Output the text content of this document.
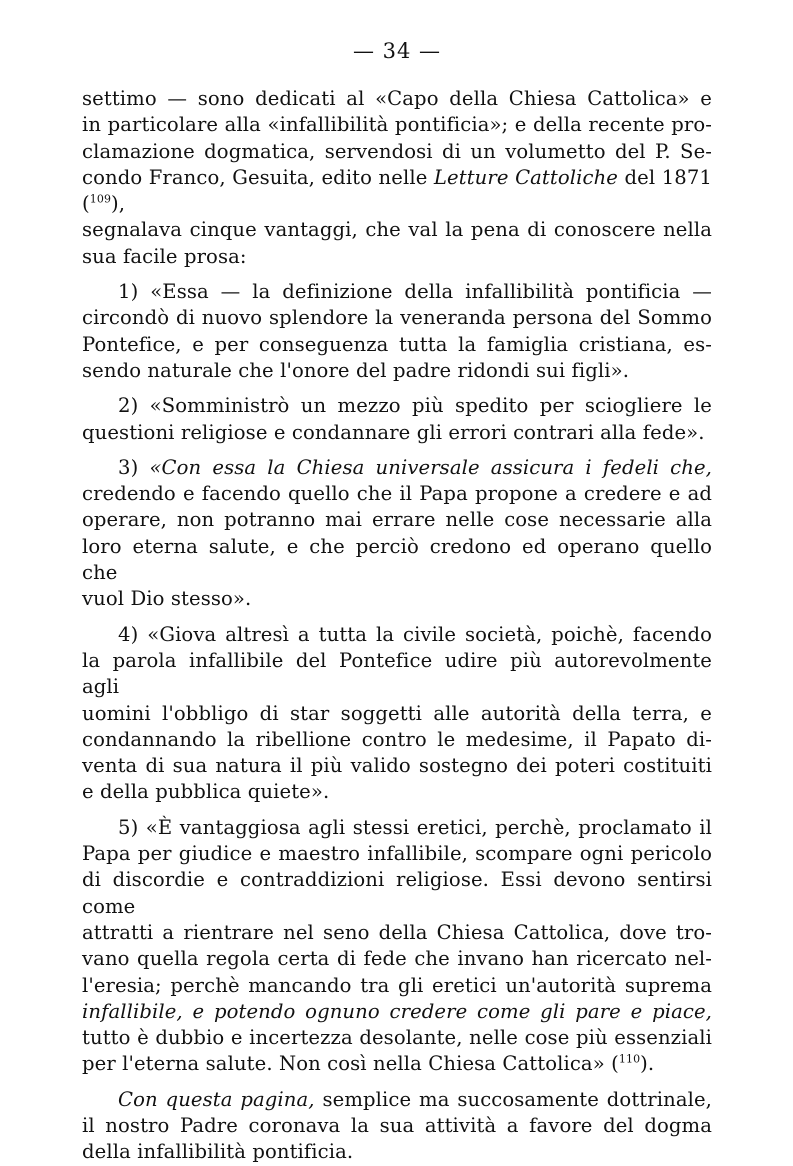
— 34 —

settimo — sono dedicati al «Capo della Chiesa Cattolica» e
in particolare alla «infallibilità pontificia»; e della recente pro-
clamazione dogmatica, servendosi di un volumetto del P. Se-
condo Franco, Gesuita, edito nelle Letture Cattoliche del 1871 ($^{109}$),
segnalava cinque vantaggi, che val la pena di conoscere nella
sua facile prosa:

1) «Essa — la definizione della infallibilità pontificia —
circondò di nuovo splendore la veneranda persona del Sommo
Pontefice, e per conseguenza tutta la famiglia cristiana, es-
sendo naturale che l'onore del padre ridondi sui figli».

2) «Somministrò un mezzo più spedito per sciogliere le
questioni religiose e condannare gli errori contrari alla fede».

3) «Con essa la Chiesa universale assicura i fedeli che,
credendo e facendo quello che il Papa propone a credere e ad
operare, non potranno mai errare nelle cose necessarie alla
loro eterna salute, e che perciò credono ed operano quello che
vuol Dio stesso».

4) «Giova altresì a tutta la civile società, poichè, facendo
la parola infallibile del Pontefice udire più autorevolmente agli
uomini l'obbligo di star soggetti alle autorità della terra, e
condannando la ribellione contro le medesime, il Papato di-
venta di sua natura il più valido sostegno dei poteri costituiti
e della pubblica quiete».

5) «È vantaggiosa agli stessi eretici, perchè, proclamato il
Papa per giudice e maestro infallibile, scompare ogni pericolo
di discordie e contraddizioni religiose. Essi devono sentirsi come
attratti a rientrare nel seno della Chiesa Cattolica, dove tro-
vano quella regola certa di fede che invano han ricercato nel-
l'eresia; perchè mancando tra gli eretici un'autorità suprema
infallibile, e potendo ognuno credere come gli pare e piace,
tutto è dubbio e incertezza desolante, nelle cose più essenziali
per l'eterna salute. Non così nella Chiesa Cattolica» ($^{110}$).

Con questa pagina, semplice ma succosamente dottrinale,
il nostro Padre coronava la sua attività a favore del dogma
della infallibilità pontificia.
